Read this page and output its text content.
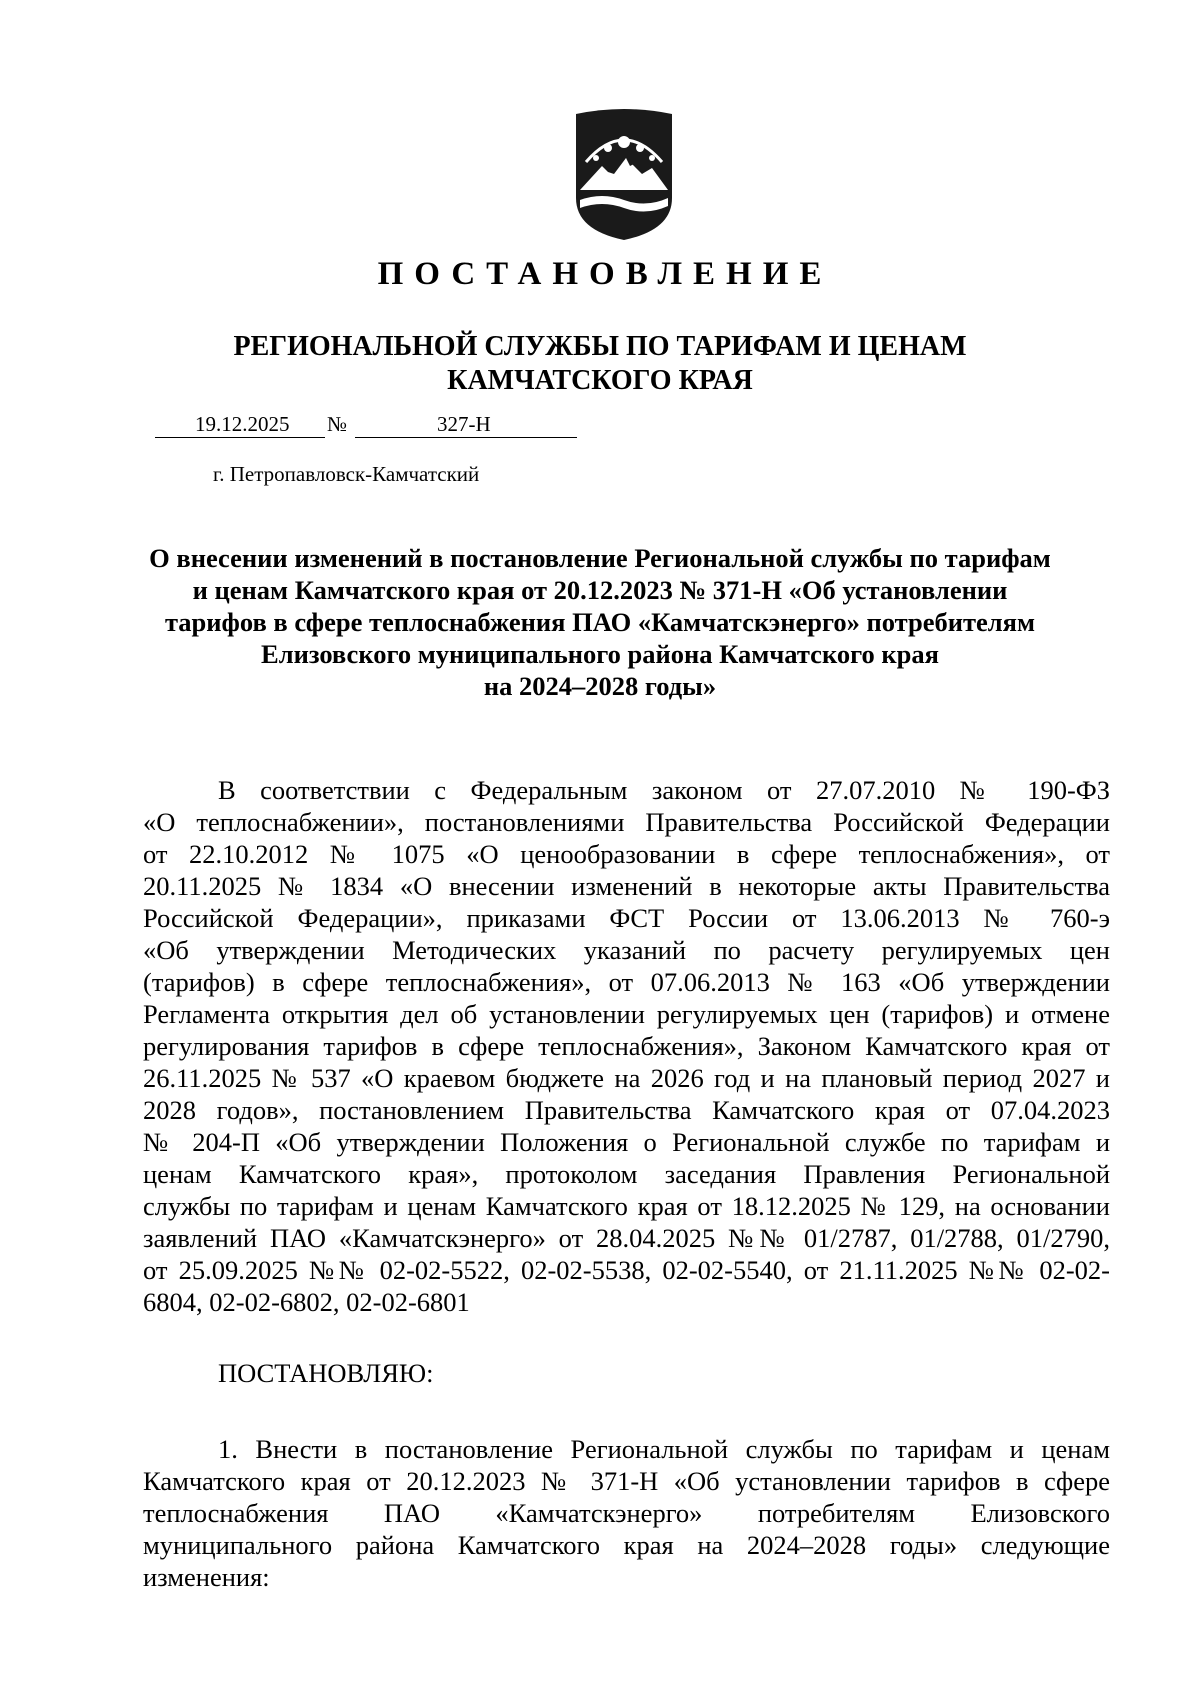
ПОСТАНОВЛЕНИЕ
РЕГИОНАЛЬНОЙ СЛУЖБЫ ПО ТАРИФАМ И ЦЕНАМ
КАМЧАТСКОГО КРАЯ
19.12.2025 №	327-Н
г. Петропавловск-Камчатский
О внесении изменений в постановление Региональной службы по тарифам
и ценам Камчатского края от 20.12.2023 № 371-Н «Об установлении
тарифов в сфере теплоснабжения ПАО «Камчатскэнерго» потребителям
Елизовского муниципального района Камчатского края
на 2024–2028 годы»
В соответствии с Федеральным законом от 27.07.2010 № 190-ФЗ
«О теплоснабжении», постановлениями Правительства Российской Федерации
от 22.10.2012 № 1075 «О ценообразовании в сфере теплоснабжения», от
20.11.2025 № 1834 «О внесении изменений в некоторые акты Правительства
Российской Федерации», приказами ФСТ России от 13.06.2013 № 760-э
«Об утверждении Методических указаний по расчету регулируемых цен
(тарифов) в сфере теплоснабжения», от 07.06.2013 № 163 «Об утверждении
Регламента открытия дел об установлении регулируемых цен (тарифов) и отмене
регулирования тарифов в сфере теплоснабжения», Законом Камчатского края от
26.11.2025 № 537 «О краевом бюджете на 2026 год и на плановый период 2027 и
2028 годов», постановлением Правительства Камчатского края от 07.04.2023
№ 204-П «Об утверждении Положения о Региональной службе по тарифам и
ценам Камчатского края», протоколом заседания Правления Региональной
службы по тарифам и ценам Камчатского края от 18.12.2025 № 129, на основании
заявлений ПАО «Камчатскэнерго» от 28.04.2025 №№ 01/2787, 01/2788, 01/2790,
от 25.09.2025 №№ 02-02-5522, 02-02-5538, 02-02-5540, от 21.11.2025 №№ 02-02-
6804, 02-02-6802, 02-02-6801
ПОСТАНОВЛЯЮ:
1. Внести в постановление Региональной службы по тарифам и ценам
Камчатского края от 20.12.2023 № 371-Н «Об установлении тарифов в сфере
теплоснабжения ПАО «Камчатскэнерго» потребителям Елизовского
муниципального района Камчатского края на 2024–2028 годы» следующие
изменения:
